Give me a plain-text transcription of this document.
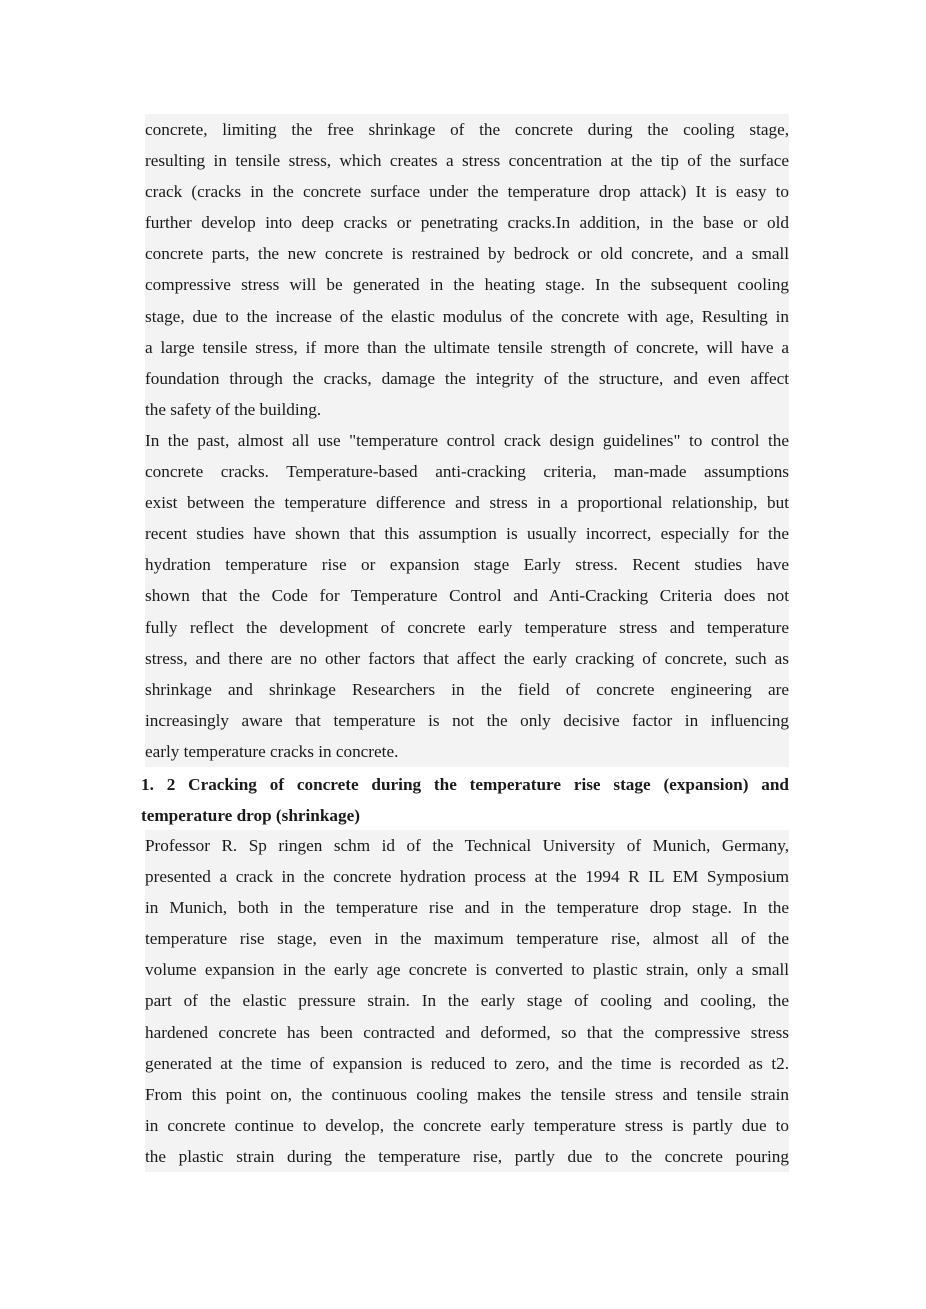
concrete, limiting the free shrinkage of the concrete during the cooling stage,
resulting in tensile stress, which creates a stress concentration at the tip of the surface
crack (cracks in the concrete surface under the temperature drop attack) It is easy to
further develop into deep cracks or penetrating cracks.In addition, in the base or old
concrete parts, the new concrete is restrained by bedrock or old concrete, and a small
compressive stress will be generated in the heating stage. In the subsequent cooling
stage, due to the increase of the elastic modulus of the concrete with age, Resulting in
a large tensile stress, if more than the ultimate tensile strength of concrete, will have a
foundation through the cracks, damage the integrity of the structure, and even affect
the safety of the building.
In the past, almost all use "temperature control crack design guidelines" to control the
concrete cracks. Temperature-based anti-cracking criteria, man-made assumptions
exist between the temperature difference and stress in a proportional relationship, but
recent studies have shown that this assumption is usually incorrect, especially for the
hydration temperature rise or expansion stage Early stress. Recent studies have
shown that the Code for Temperature Control and Anti-Cracking Criteria does not
fully reflect the development of concrete early temperature stress and temperature
stress, and there are no other factors that affect the early cracking of concrete, such as
shrinkage and shrinkage Researchers in the field of concrete engineering are
increasingly aware that temperature is not the only decisive factor in influencing
early temperature cracks in concrete.
1. 2 Cracking of concrete during the temperature rise stage (expansion) and
temperature drop (shrinkage)
Professor R. Sp ringen schm id of the Technical University of Munich, Germany,
presented a crack in the concrete hydration process at the 1994 R IL EM Symposium
in Munich, both in the temperature rise and in the temperature drop stage. In the
temperature rise stage, even in the maximum temperature rise, almost all of the
volume expansion in the early age concrete is converted to plastic strain, only a small
part of the elastic pressure strain. In the early stage of cooling and cooling, the
hardened concrete has been contracted and deformed, so that the compressive stress
generated at the time of expansion is reduced to zero, and the time is recorded as t2.
From this point on, the continuous cooling makes the tensile stress and tensile strain
in concrete continue to develop, the concrete early temperature stress is partly due to
the plastic strain during the temperature rise, partly due to the concrete pouring
